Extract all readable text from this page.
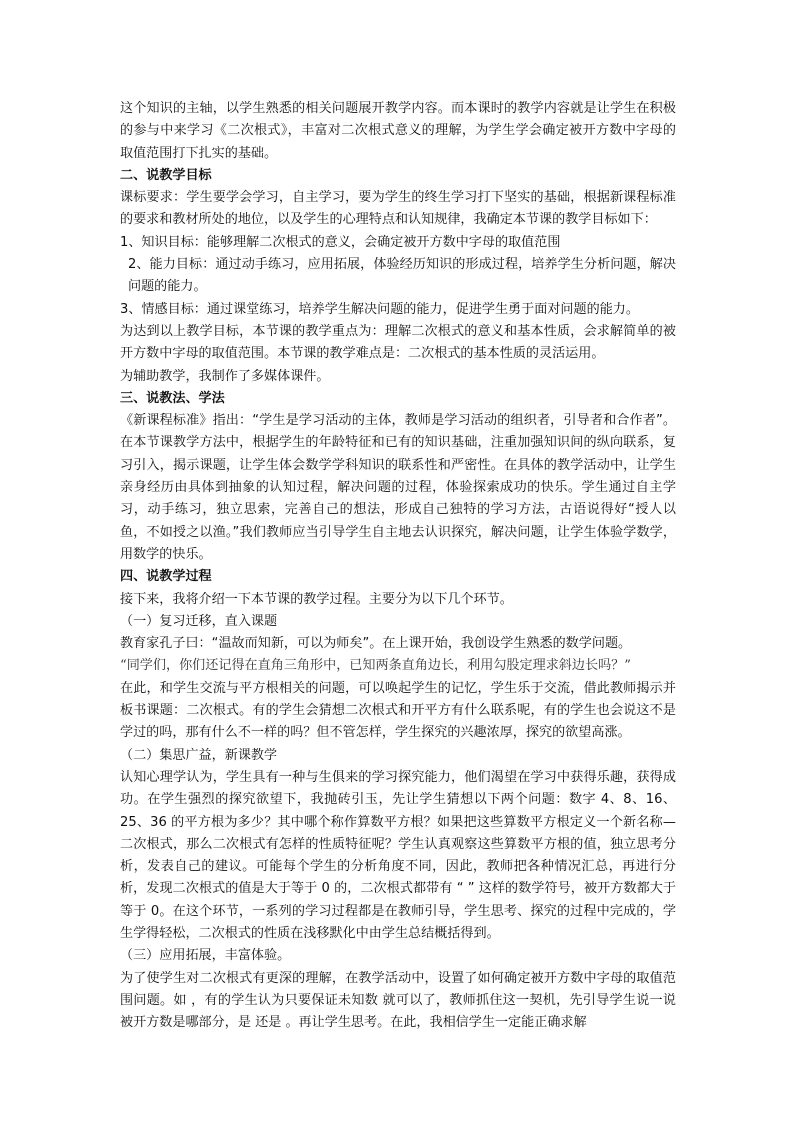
这个知识的主轴，以学生熟悉的相关问题展开教学内容。而本课时的教学内容就是让学生在积极的参与中来学习《二次根式》，丰富对二次根式意义的理解，为学生学会确定被开方数中字母的取值范围打下扎实的基础。

二、说教学目标

课标要求：学生要学会学习，自主学习，要为学生的终生学习打下坚实的基础，根据新课程标准的要求和教材所处的地位，以及学生的心理特点和认知规律，我确定本节课的教学目标如下：

1、知识目标：能够理解二次根式的意义，会确定被开方数中字母的取值范围

2、能力目标：通过动手练习，应用拓展，体验经历知识的形成过程，培养学生分析问题，解决问题的能力。

3、情感目标：通过课堂练习，培养学生解决问题的能力，促进学生勇于面对问题的能力。

为达到以上教学目标，本节课的教学重点为：理解二次根式的意义和基本性质，会求解简单的被开方数中字母的取值范围。本节课的教学难点是：二次根式的基本性质的灵活运用。

为辅助教学，我制作了多媒体课件。

三、说教法、学法

《新课程标准》指出：“学生是学习活动的主体，教师是学习活动的组织者，引导者和合作者”。在本节课教学方法中，根据学生的年龄特征和已有的知识基础，注重加强知识间的纵向联系，复习引入，揭示课题，让学生体会数学学科知识的联系性和严密性。在具体的教学活动中，让学生亲身经历由具体到抽象的认知过程，解决问题的过程，体验探索成功的快乐。学生通过自主学习，动手练习，独立思索，完善自己的想法，形成自己独特的学习方法，古语说得好“授人以鱼，不如授之以渔。”我们教师应当引导学生自主地去认识探究，解决问题，让学生体验学数学，用数学的快乐。

四、说教学过程

接下来，我将介绍一下本节课的教学过程。主要分为以下几个环节。

（一）复习迁移，直入课题

教育家孔子曰：“温故而知新，可以为师矣”。在上课开始，我创设学生熟悉的数学问题。

“同学们，你们还记得在直角三角形中，已知两条直角边长，利用勾股定理求斜边长吗？”

在此，和学生交流与平方根相关的问题，可以唤起学生的记忆，学生乐于交流，借此教师揭示并板书课题：二次根式。有的学生会猜想二次根式和开平方有什么联系呢，有的学生也会说这不是学过的吗，那有什么不一样的吗？但不管怎样，学生探究的兴趣浓厚，探究的欲望高涨。

（二）集思广益，新课教学

认知心理学认为，学生具有一种与生俱来的学习探究能力，他们渴望在学习中获得乐趣，获得成功。在学生强烈的探究欲望下，我抛砖引玉，先让学生猜想以下两个问题：数字 4、8、16、25、36 的平方根为多少？其中哪个称作算数平方根？如果把这些算数平方根定义一个新名称—二次根式，那么二次根式有怎样的性质特征呢？学生认真观察这些算数平方根的值，独立思考分析，发表自己的建议。可能每个学生的分析角度不同，因此，教师把各种情况汇总，再进行分析，发现二次根式的值是大于等于 0 的，二次根式都带有 “ ” 这样的数学符号，被开方数都大于等于 0。在这个环节，一系列的学习过程都是在教师引导，学生思考、探究的过程中完成的，学生学得轻松，二次根式的性质在浅移默化中由学生总结概括得到。

（三）应用拓展，丰富体验。

为了使学生对二次根式有更深的理解，在教学活动中，设置了如何确定被开方数中字母的取值范围问题。如 ，有的学生认为只要保证未知数 就可以了，教师抓住这一契机，先引导学生说一说被开方数是哪部分，是 还是 。再让学生思考。在此，我相信学生一定能正确求解
